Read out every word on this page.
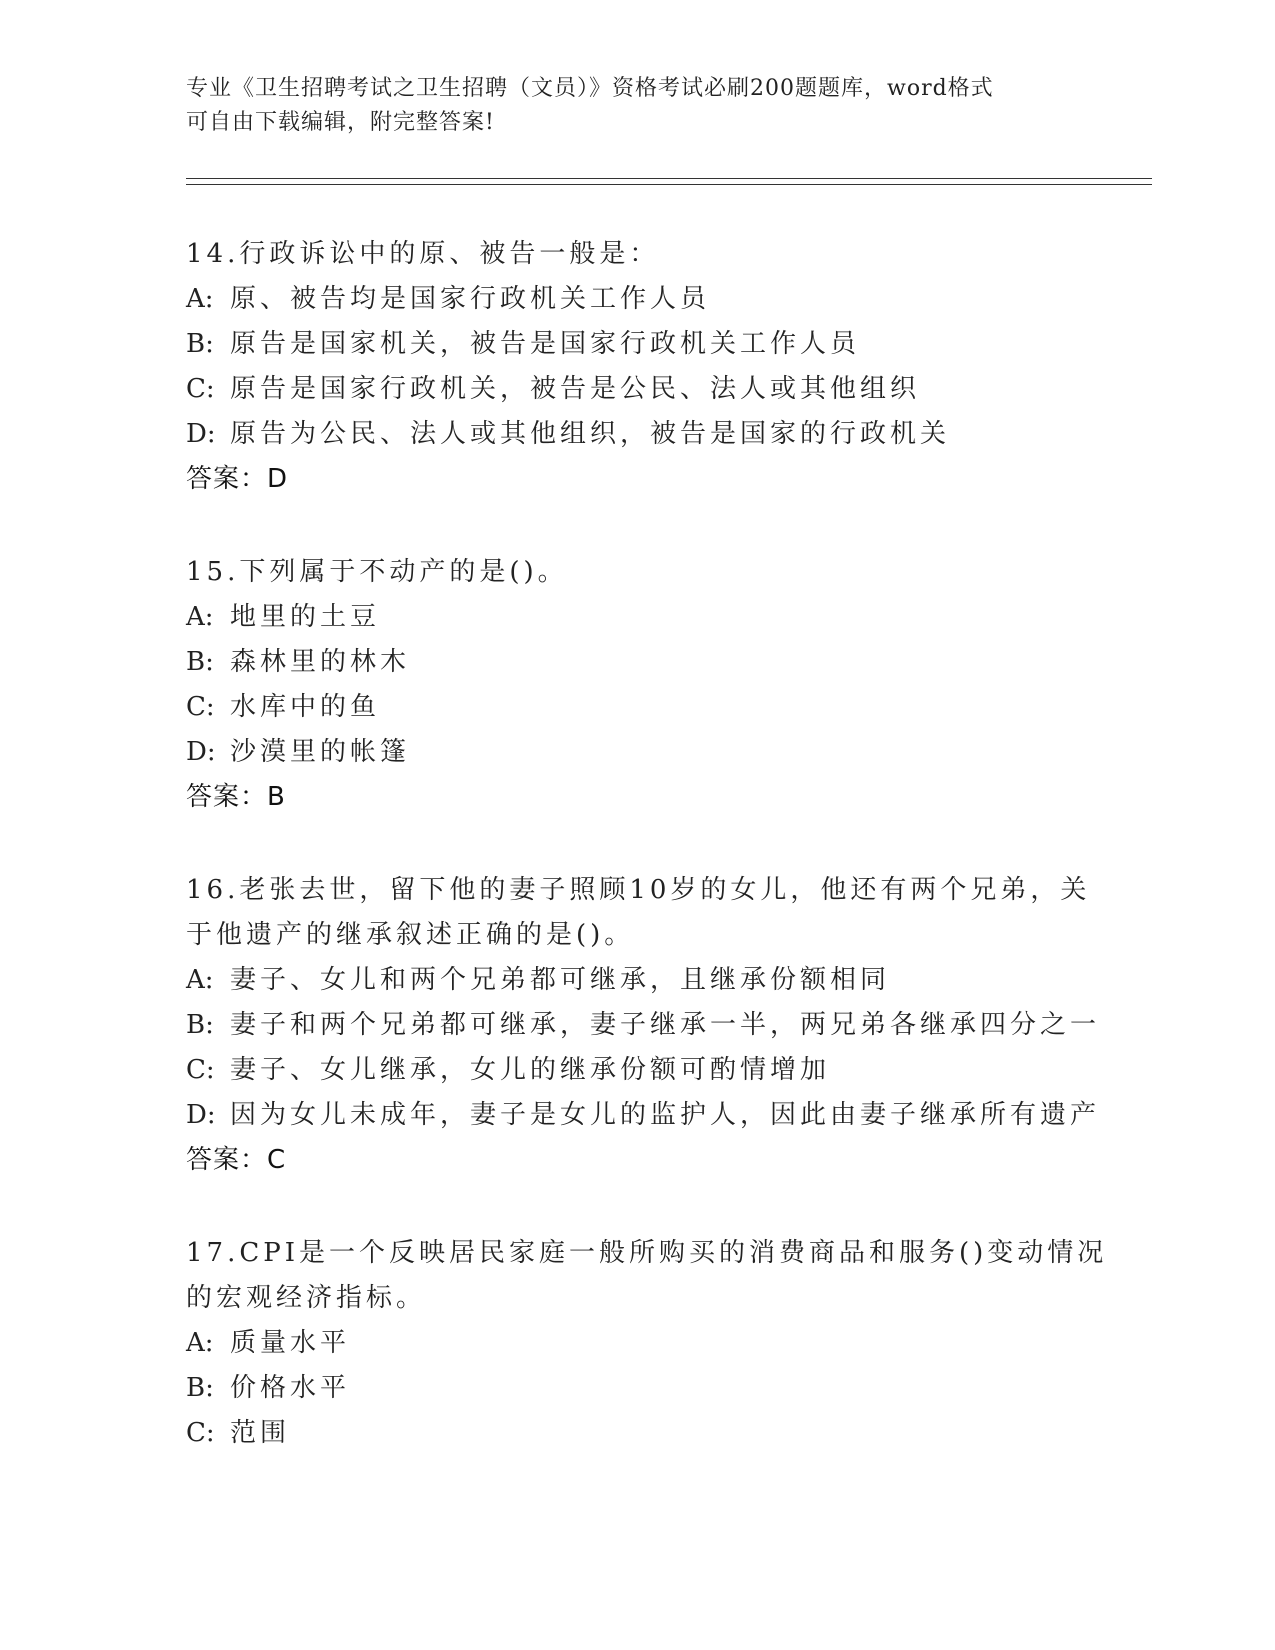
专业《卫生招聘考试之卫生招聘（文员）》资格考试必刷200题题库，word格式
可自由下载编辑，附完整答案!
14.行政诉讼中的原、被告一般是：
A: 原、被告均是国家行政机关工作人员
B: 原告是国家机关，被告是国家行政机关工作人员
C: 原告是国家行政机关，被告是公民、法人或其他组织
D: 原告为公民、法人或其他组织，被告是国家的行政机关
答案：D
15.下列属于不动产的是()。
A: 地里的土豆
B: 森林里的林木
C: 水库中的鱼
D: 沙漠里的帐篷
答案：B
16.老张去世，留下他的妻子照顾10岁的女儿，他还有两个兄弟，关
于他遗产的继承叙述正确的是()。
A: 妻子、女儿和两个兄弟都可继承，且继承份额相同
B: 妻子和两个兄弟都可继承，妻子继承一半，两兄弟各继承四分之一
C: 妻子、女儿继承，女儿的继承份额可酌情增加
D: 因为女儿未成年，妻子是女儿的监护人，因此由妻子继承所有遗产
答案：C
17.CPI是一个反映居民家庭一般所购买的消费商品和服务()变动情况
的宏观经济指标。
A: 质量水平
B: 价格水平
C: 范围
